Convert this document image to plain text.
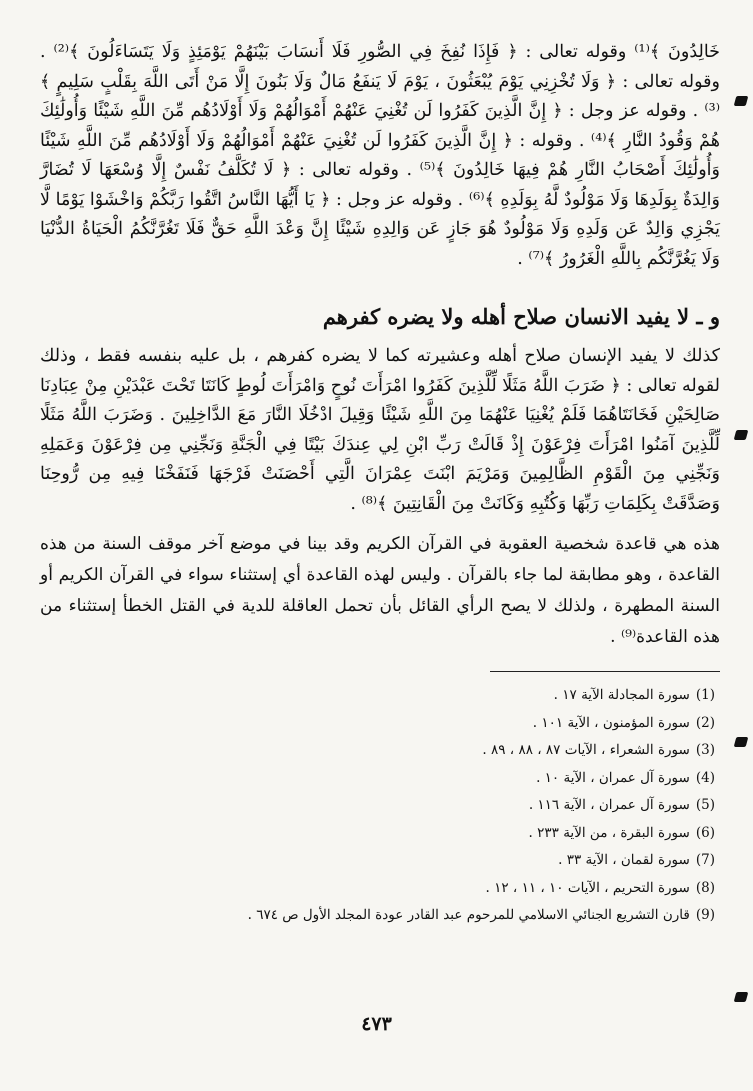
خَالِدُونَ ﴾⁽¹⁾ وقوله تعالى : ﴿ فَإِذَا نُفِخَ فِي الصُّورِ فَلَا أَنسَابَ بَيْنَهُمْ يَوْمَئِذٍ وَلَا يَتَسَاءَلُونَ ﴾⁽²⁾ . وقوله تعالى : ﴿ وَلَا تُخْزِنِي يَوْمَ يُبْعَثُونَ ، يَوْمَ لَا يَنفَعُ مَالٌ وَلَا بَنُونَ إِلَّا مَنْ أَتَى اللَّهَ بِقَلْبٍ سَلِيمٍ ﴾⁽³⁾ . وقوله عز وجل : ﴿ إِنَّ الَّذِينَ كَفَرُوا لَن تُغْنِيَ عَنْهُمْ أَمْوَالُهُمْ وَلَا أَوْلَادُهُم مِّنَ اللَّهِ شَيْئًا وَأُولَٰئِكَ هُمْ وَقُودُ النَّارِ ﴾⁽⁴⁾ . وقوله : ﴿ إِنَّ الَّذِينَ كَفَرُوا لَن تُغْنِيَ عَنْهُمْ أَمْوَالُهُمْ وَلَا أَوْلَادُهُم مِّنَ اللَّهِ شَيْئًا وَأُولَٰئِكَ أَصْحَابُ النَّارِ هُمْ فِيهَا خَالِدُونَ ﴾⁽⁵⁾ . وقوله تعالى : ﴿ لَا تُكَلَّفُ نَفْسٌ إِلَّا وُسْعَهَا لَا تُضَارَّ وَالِدَةٌ بِوَلَدِهَا وَلَا مَوْلُودٌ لَّهُ بِوَلَدِهِ ﴾⁽⁶⁾ . وقوله عز وجل : ﴿ يَا أَيُّهَا النَّاسُ اتَّقُوا رَبَّكُمْ وَاخْشَوْا يَوْمًا لَّا يَجْزِي وَالِدٌ عَن وَلَدِهِ وَلَا مَوْلُودٌ هُوَ جَازٍ عَن وَالِدِهِ شَيْئًا إِنَّ وَعْدَ اللَّهِ حَقٌّ فَلَا تَغُرَّنَّكُمُ الْحَيَاةُ الدُّنْيَا وَلَا يَغُرَّنَّكُم بِاللَّهِ الْغَرُورُ ﴾⁽⁷⁾ .

و ـ لا يفيد الانسان صلاح أهله ولا يضره كفرهم

كذلك لا يفيد الإنسان صلاح أهله وعشيرته كما لا يضره كفرهم ، بل عليه بنفسه فقط ، وذلك لقوله تعالى : ﴿ ضَرَبَ اللَّهُ مَثَلًا لِّلَّذِينَ كَفَرُوا امْرَأَتَ نُوحٍ وَامْرَأَتَ لُوطٍ كَانَتَا تَحْتَ عَبْدَيْنِ مِنْ عِبَادِنَا صَالِحَيْنِ فَخَانَتَاهُمَا فَلَمْ يُغْنِيَا عَنْهُمَا مِنَ اللَّهِ شَيْئًا وَقِيلَ ادْخُلَا النَّارَ مَعَ الدَّاخِلِينَ . وَضَرَبَ اللَّهُ مَثَلًا لِّلَّذِينَ آمَنُوا امْرَأَتَ فِرْعَوْنَ إِذْ قَالَتْ رَبِّ ابْنِ لِي عِندَكَ بَيْتًا فِي الْجَنَّةِ وَنَجِّنِي مِن فِرْعَوْنَ وَعَمَلِهِ وَنَجِّنِي مِنَ الْقَوْمِ الظَّالِمِينَ وَمَرْيَمَ ابْنَتَ عِمْرَانَ الَّتِي أَحْصَنَتْ فَرْجَهَا فَنَفَخْنَا فِيهِ مِن رُّوحِنَا وَصَدَّقَتْ بِكَلِمَاتِ رَبِّهَا وَكُتُبِهِ وَكَانَتْ مِنَ الْقَانِتِينَ ﴾⁽⁸⁾ .

هذه هي قاعدة شخصية العقوبة في القرآن الكريم وقد بينا في موضع آخر موقف السنة من هذه القاعدة ، وهو مطابقة لما جاء بالقرآن . وليس لهذه القاعدة أي إستثناء سواء في القرآن الكريم أو السنة المطهرة ، ولذلك لا يصح الرأي القائل بأن تحمل العاقلة للدية في القتل الخطأ إستثناء من هذه القاعدة⁽⁹⁾ .

(1)سورة المجادلة الآية ١٧ .
(2)سورة المؤمنون ، الآية ١٠١ .
(3)سورة الشعراء ، الآيات ٨٧ ، ٨٨ ، ٨٩ .
(4)سورة آل عمران ، الآية ١٠ .
(5)سورة آل عمران ، الآية ١١٦ .
(6)سورة البقرة ، من الآية ٢٣٣ .
(7)سورة لقمان ، الآية ٣٣ .
(8)سورة التحريم ، الآيات ١٠ ، ١١ ، ١٢ .
(9)قارن التشريع الجنائي الاسلامي للمرحوم عبد القادر عودة المجلد الأول ص ٦٧٤ .
٤٧٣
